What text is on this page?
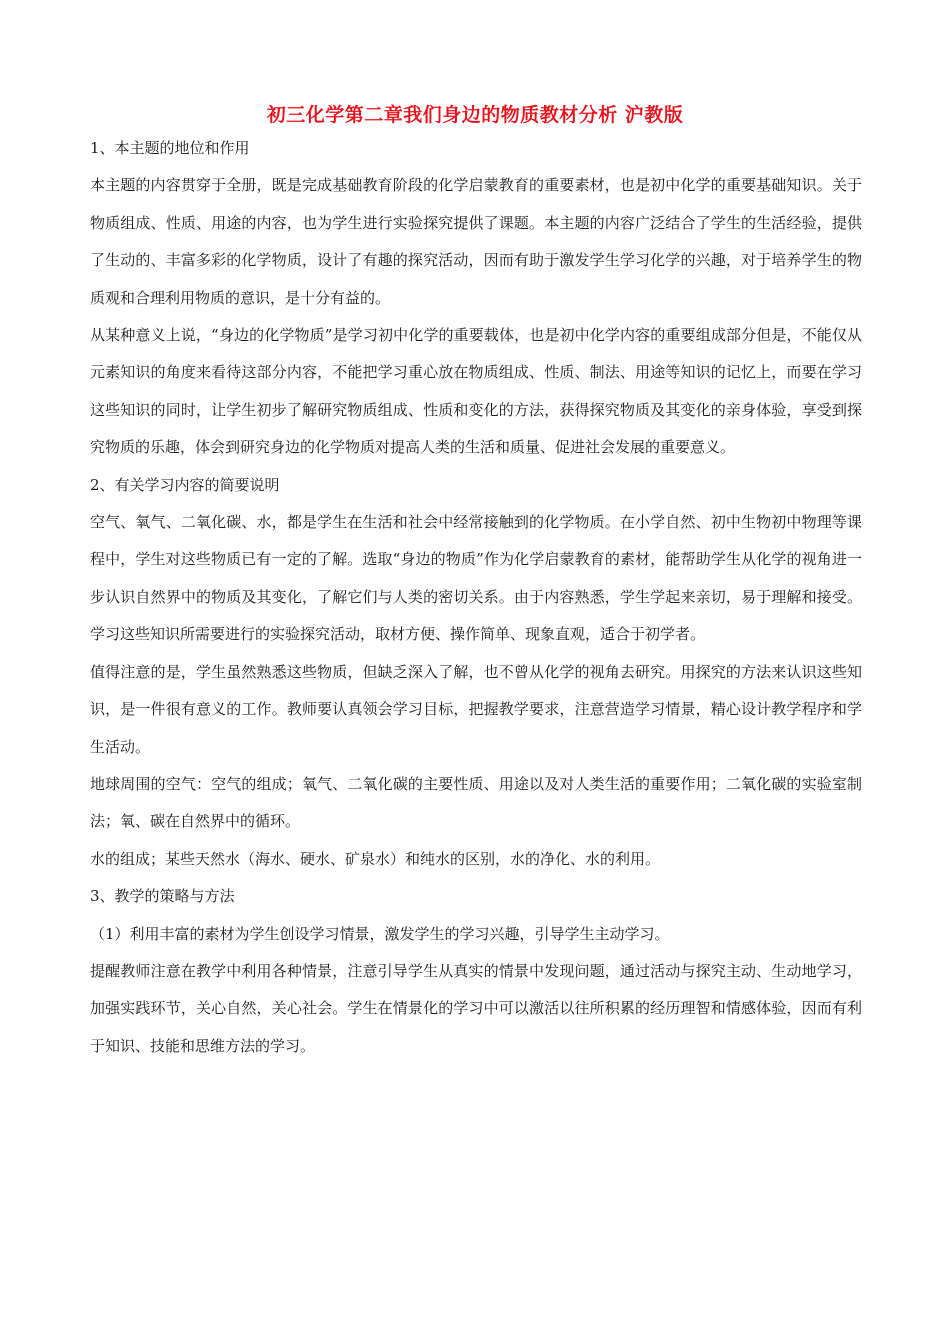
初三化学第二章我们身边的物质教材分析 沪教版

1、本主题的地位和作用

本主题的内容贯穿于全册，既是完成基础教育阶段的化学启蒙教育的重要素材，也是初中化学的重要基础知识。关于物质组成、性质、用途的内容，也为学生进行实验探究提供了课题。本主题的内容广泛结合了学生的生活经验，提供了生动的、丰富多彩的化学物质，设计了有趣的探究活动，因而有助于激发学生学习化学的兴趣，对于培养学生的物质观和合理利用物质的意识，是十分有益的。

从某种意义上说，“身边的化学物质”是学习初中化学的重要载体，也是初中化学内容的重要组成部分但是，不能仅从元素知识的角度来看待这部分内容，不能把学习重心放在物质组成、性质、制法、用途等知识的记忆上，而要在学习这些知识的同时，让学生初步了解研究物质组成、性质和变化的方法，获得探究物质及其变化的亲身体验，享受到探究物质的乐趣，体会到研究身边的化学物质对提高人类的生活和质量、促进社会发展的重要意义。

2、有关学习内容的简要说明

空气、氧气、二氧化碳、水，都是学生在生活和社会中经常接触到的化学物质。在小学自然、初中生物初中物理等课程中，学生对这些物质已有一定的了解。选取“身边的物质”作为化学启蒙教育的素材，能帮助学生从化学的视角进一步认识自然界中的物质及其变化，了解它们与人类的密切关系。由于内容熟悉，学生学起来亲切，易于理解和接受。学习这些知识所需要进行的实验探究活动，取材方便、操作简单、现象直观，适合于初学者。

值得注意的是，学生虽然熟悉这些物质，但缺乏深入了解，也不曾从化学的视角去研究。用探究的方法来认识这些知识，是一件很有意义的工作。教师要认真领会学习目标，把握教学要求，注意营造学习情景，精心设计教学程序和学生活动。

地球周围的空气：空气的组成；氧气、二氧化碳的主要性质、用途以及对人类生活的重要作用；二氧化碳的实验室制法；氧、碳在自然界中的循环。

水的组成；某些天然水（海水、硬水、矿泉水）和纯水的区别，水的净化、水的利用。

3、教学的策略与方法

（1）利用丰富的素材为学生创设学习情景，激发学生的学习兴趣，引导学生主动学习。

提醒教师注意在教学中利用各种情景，注意引导学生从真实的情景中发现问题，通过活动与探究主动、生动地学习，加强实践环节，关心自然，关心社会。学生在情景化的学习中可以激活以往所积累的经历理智和情感体验，因而有利于知识、技能和思维方法的学习。
